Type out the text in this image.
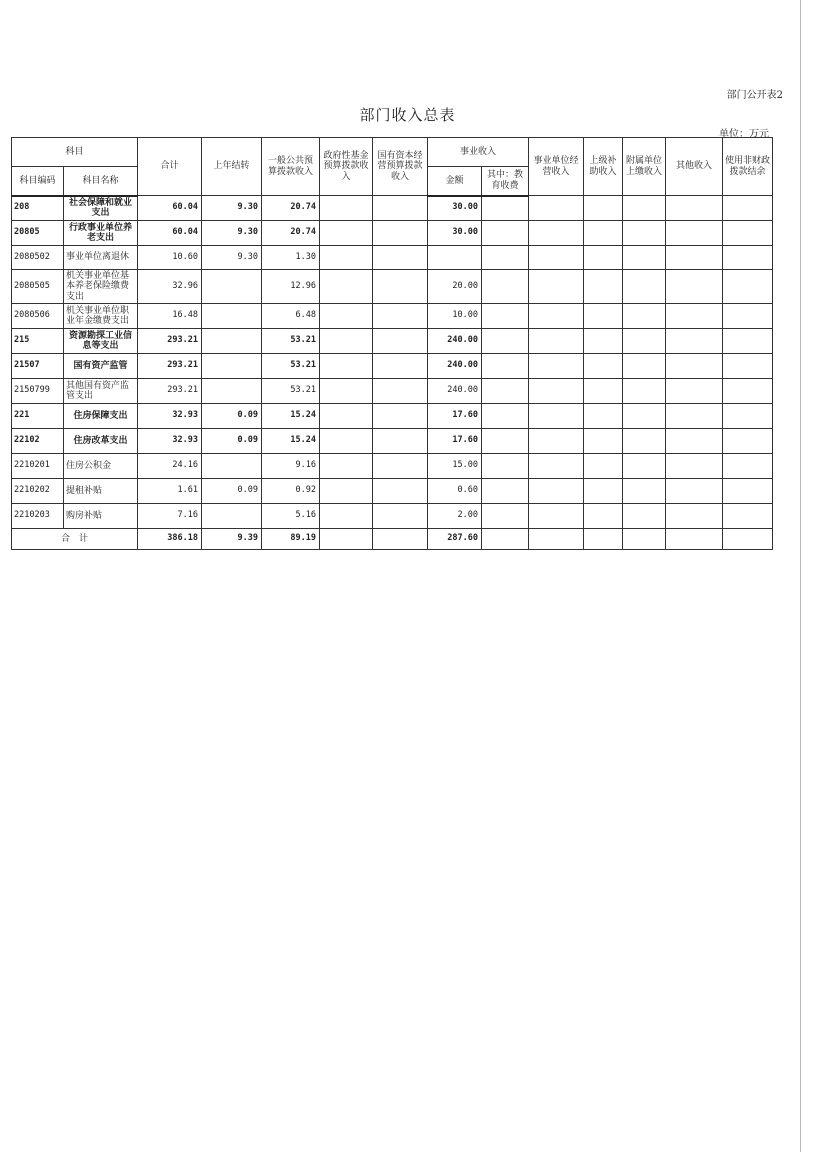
部门公开表2
部门收入总表
单位：万元
科目		合计	上年结转	一般公共预算拨款收入	政府性基金预算拨款收入	国有资本经营预算拨款收入	事业收入		事业单位经营收入	上级补助收入	附属单位上缴收入	其他收入	使用非财政拨款结余
科目编码	科目名称						金额	其中：教育收费					
208	社会保障和就业支出	60.04	9.30	20.74			30.00						
20805	行政事业单位养老支出	60.04	9.30	20.74			30.00						
2080502	事业单位离退休	10.60	9.30	1.30									
2080505	机关事业单位基本养老保险缴费支出	32.96		12.96			20.00						
2080506	机关事业单位职业年金缴费支出	16.48		6.48			10.00						
215	资源勘探工业信息等支出	293.21		53.21			240.00						
21507	国有资产监管	293.21		53.21			240.00						
2150799	其他国有资产监管支出	293.21		53.21			240.00						
221	住房保障支出	32.93	0.09	15.24			17.60						
22102	住房改革支出	32.93	0.09	15.24			17.60						
2210201	住房公积金	24.16		9.16			15.00						
2210202	提租补贴	1.61	0.09	0.92			0.60						
2210203	购房补贴	7.16		5.16			2.00						
合　计		386.18	9.39	89.19			287.60						
